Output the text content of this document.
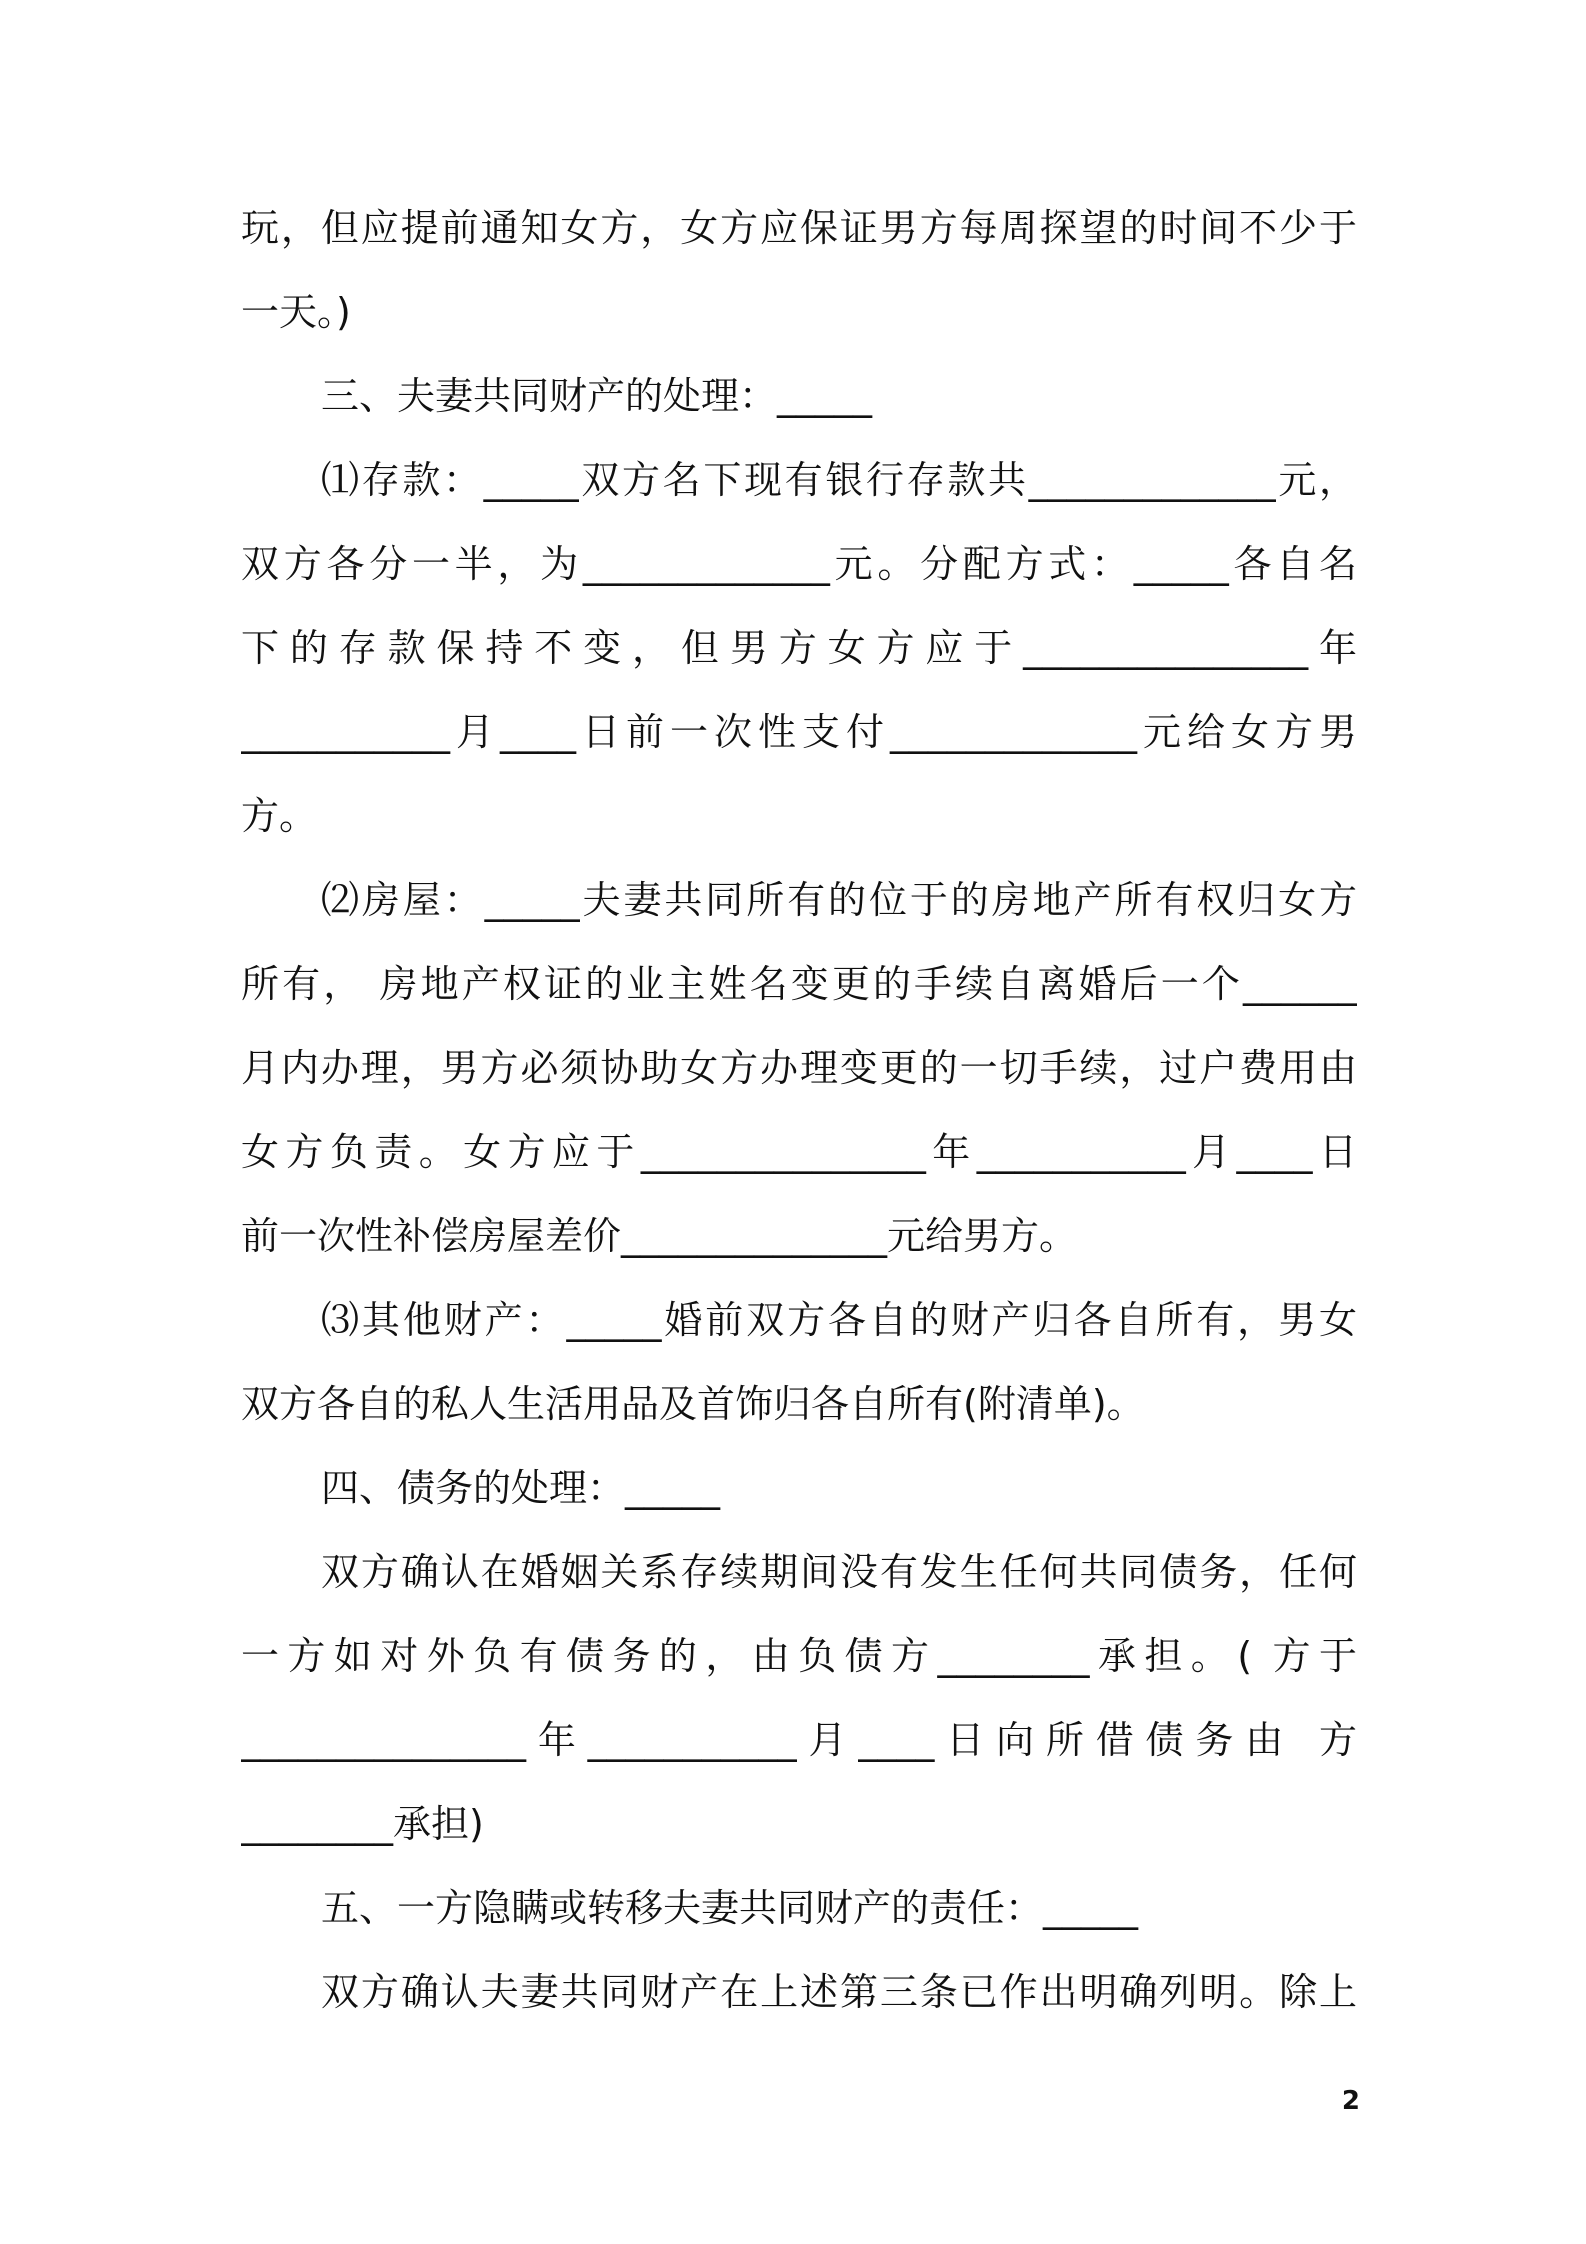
玩，但应提前通知女方，女方应保证男方每周探望的时间不少于
一天。)
三、夫妻共同财产的处理：_____
⑴存款：_____双方名下现有银行存款共_____________元，
双方各分一半，为_____________元。分配方式：_____各自名
下的存款保持不变，但男方女方应于_______________年
___________月____日前一次性支付_____________元给女方男
方。
⑵房屋：_____夫妻共同所有的位于的房地产所有权归女方
所有， 房地产权证的业主姓名变更的手续自离婚后一个______
月内办理，男方必须协助女方办理变更的一切手续，过户费用由
女方负责。女方应于_______________年___________月____日
前一次性补偿房屋差价______________元给男方。
⑶其他财产：_____婚前双方各自的财产归各自所有，男女
双方各自的私人生活用品及首饰归各自所有(附清单)。
四、债务的处理：_____
双方确认在婚姻关系存续期间没有发生任何共同债务，任何
一方如对外负有债务的，由负债方________承担。( 方于
_______________年___________月____日向所借债务由 方
________承担)
五、一方隐瞒或转移夫妻共同财产的责任：_____
双方确认夫妻共同财产在上述第三条已作出明确列明。除上
2
